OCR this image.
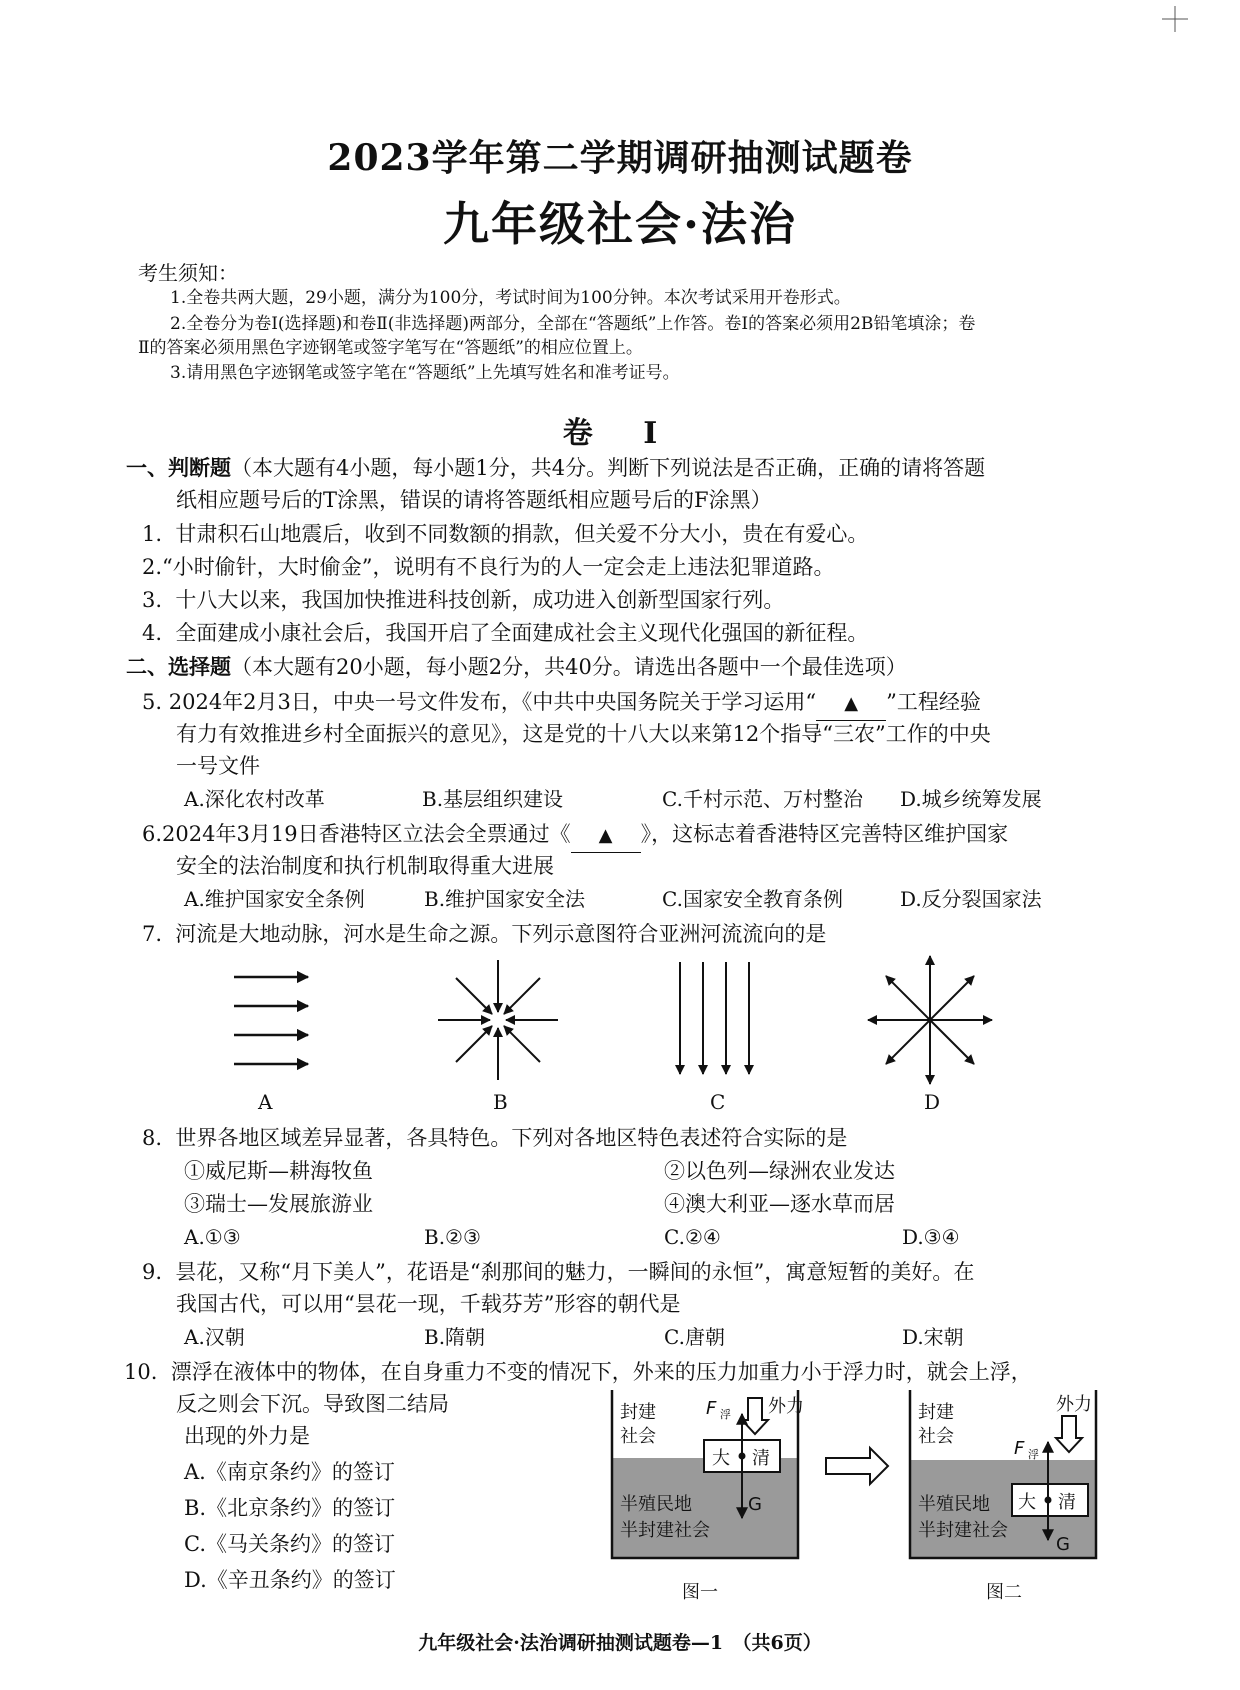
2023学年第二学期调研抽测试题卷
九年级社会·法治
考生须知：
1.全卷共两大题，29小题，满分为100分，考试时间为100分钟。本次考试采用开卷形式。
2.全卷分为卷Ⅰ(选择题)和卷Ⅱ(非选择题)两部分，全部在“答题纸”上作答。卷Ⅰ的答案必须用2B铅笔填涂；卷
Ⅱ的答案必须用黑色字迹钢笔或签字笔写在“答题纸”的相应位置上。
3.请用黑色字迹钢笔或签字笔在“答题纸”上先填写姓名和准考证号。
卷 Ⅰ
一、判断题（本大题有4小题，每小题1分，共4分。判断下列说法是否正确，正确的请将答题
纸相应题号后的T涂黑，错误的请将答题纸相应题号后的F涂黑）
1. 甘肃积石山地震后，收到不同数额的捐款，但关爱不分大小，贵在有爱心。
2.“小时偷针，大时偷金”，说明有不良行为的人一定会走上违法犯罪道路。
3. 十八大以来，我国加快推进科技创新，成功进入创新型国家行列。
4. 全面建成小康社会后，我国开启了全面建成社会主义现代化强国的新征程。
二、选择题（本大题有20小题，每小题2分，共40分。请选出各题中一个最佳选项）
5. 2024年2月3日，中央一号文件发布，《中共中央国务院关于学习运用“ ▲ ”工程经验
有力有效推进乡村全面振兴的意见》，这是党的十八大以来第12个指导“三农”工作的中央
一号文件
A.深化农村改革	B.基层组织建设	C.千村示范、万村整治 D.城乡统筹发展
6.2024年3月19日香港特区立法会全票通过《 ▲ 》，这标志着香港特区完善特区维护国家
安全的法治制度和执行机制取得重大进展
A.维护国家安全条例	B.维护国家安全法	C.国家安全教育条例	D.反分裂国家法
7. 河流是大地动脉，河水是生命之源。下列示意图符合亚洲河流流向的是
A	B	C	D
8. 世界各地区域差异显著，各具特色。下列对各地区特色表述符合实际的是
①威尼斯—耕海牧鱼	②以色列—绿洲农业发达
③瑞士—发展旅游业	④澳大利亚—逐水草而居
A.①③	B.②③	C.②④	D.③④
9. 昙花，又称“月下美人”，花语是“刹那间的魅力，一瞬间的永恒”，寓意短暂的美好。在
我国古代，可以用“昙花一现，千载芬芳”形容的朝代是
A.汉朝	B.隋朝	C.唐朝	D.宋朝
10. 漂浮在液体中的物体，在自身重力不变的情况下，外来的压力加重力小于浮力时，就会上浮，
反之则会下沉。导致图二结局
出现的外力是
A.《南京条约》的签订
B.《北京条约》的签订
C.《马关条约》的签订
D.《辛丑条约》的签订
封建
社会
半殖民地
半封建社会
大 清
F 浮 外力
G
封建
社会
半殖民地
半封建社会
大 清
F 浮
外力
G
图一	图二
九年级社会·法治调研抽测试题卷—1　（共6页）
